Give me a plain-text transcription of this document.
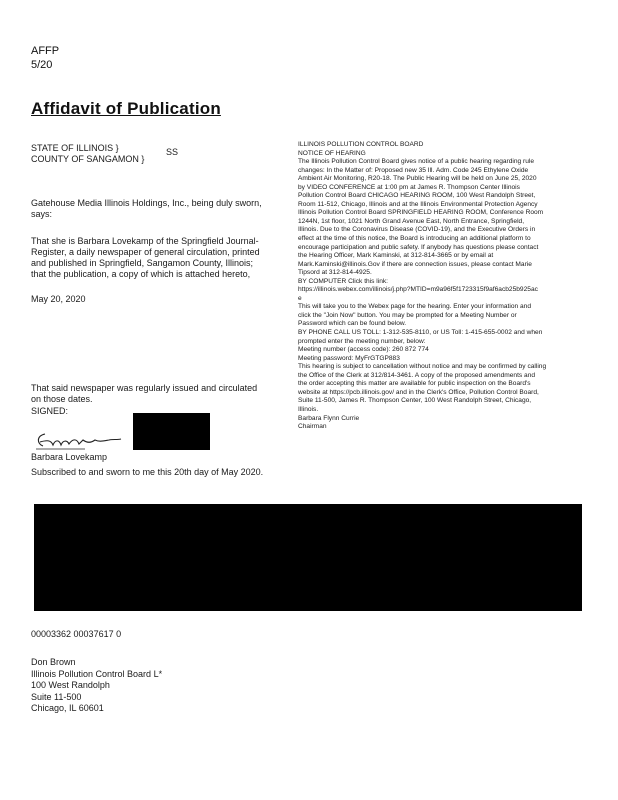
AFFP
5/20
Affidavit of Publication
STATE OF ILLINOIS }	SS
COUNTY OF SANGAMON }
Gatehouse Media Illinois Holdings, Inc., being duly sworn,
says:
That she is Barbara Lovekamp of the Springfield Journal-
Register, a daily newspaper of general circulation, printed
and published in Springfield, Sangamon County, Illinois;
that the publication, a copy of which is attached hereto,
May 20, 2020
That said newspaper was regularly issued and circulated
on those dates.
SIGNED:
Barbara Lovekamp
Subscribed to and sworn to me this 20th day of May 2020.
ILLINOIS POLLUTION CONTROL BOARD
NOTICE OF HEARING
The Illinois Pollution Control Board gives notice of a public hearing regarding rule
changes: In the Matter of: Proposed new 35 Ill. Adm. Code 245 Ethylene Oxide
Ambient Air Monitoring, R20-18. The Public Hearing will be held on June 25, 2020
by VIDEO CONFERENCE at 1:00 pm at James R. Thompson Center Illinois
Pollution Control Board CHICAGO HEARING ROOM, 100 West Randolph Street,
Room 11-512, Chicago, Illinois and at the Illinois Environmental Protection Agency
Illinois Pollution Control Board SPRINGFIELD HEARING ROOM, Conference Room
1244N, 1st floor, 1021 North Grand Avenue East, North Entrance, Springfield,
Illinois. Due to the Coronavirus Disease (COVID-19), and the Executive Orders in
effect at the time of this notice, the Board is introducing an additional platform to
encourage participation and public safety. If anybody has questions please contact
the Hearing Officer, Mark Kaminski, at 312-814-3665 or by email at
Mark.Kaminski@illinois.Gov if there are connection issues, please contact Marie
Tipsord at 312-814-4925.
BY COMPUTER Click this link:
https://illinois.webex.com/illinois/j.php?MTID=m9a96f5f1723315f9af6acb25b925ac
e
This will take you to the Webex page for the hearing. Enter your information and
click the "Join Now" button. You may be prompted for a Meeting Number or
Password which can be found below.
BY PHONE CALL US TOLL: 1-312-535-8110, or US Toll: 1-415-655-0002 and when
prompted enter the meeting number, below:
Meeting number (access code): 260 872 774
Meeting password: MyFrGTGP883
This hearing is subject to cancellation without notice and may be confirmed by calling
the Office of the Clerk at 312/814-3461. A copy of the proposed amendments and
the order accepting this matter are available for public inspection on the Board's
website at https://pcb.illinois.gov/ and in the Clerk's Office, Pollution Control Board,
Suite 11-500, James R. Thompson Center, 100 West Randolph Street, Chicago,
Illinois.
Barbara Flynn Currie
Chairman
00003362 00037617 0
Don Brown
Illinois Pollution Control Board L*
100 West Randolph
Suite 11-500
Chicago, IL 60601
